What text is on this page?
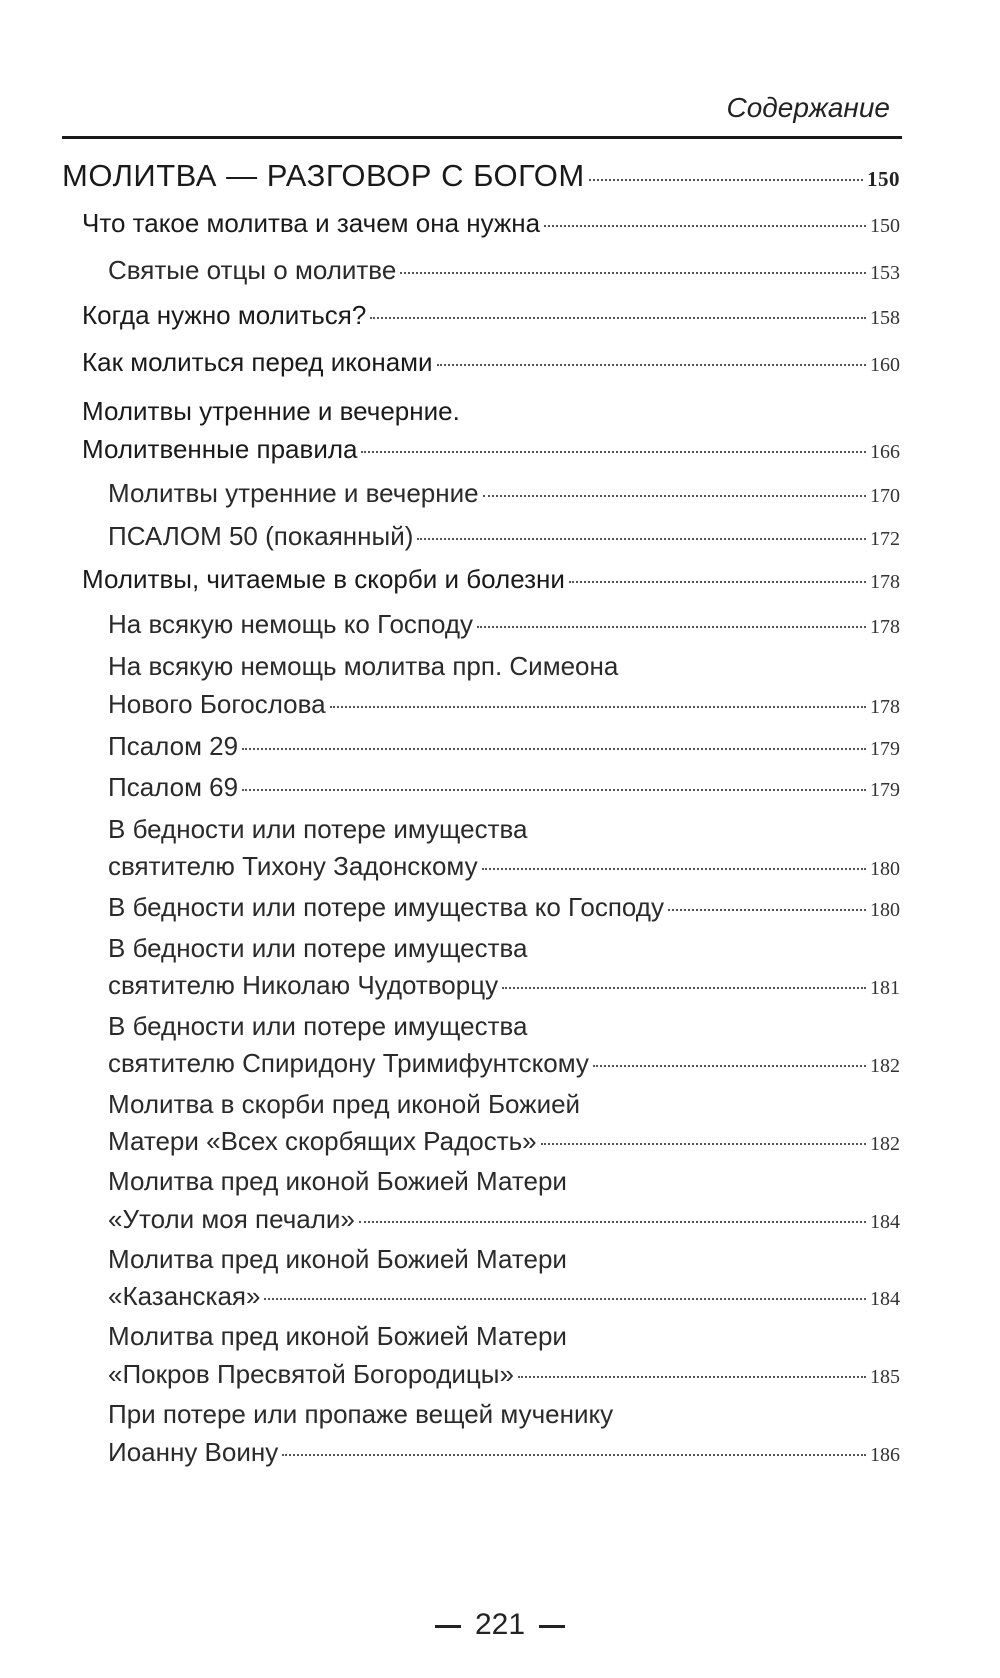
Содержание
МОЛИТВА — РАЗГОВОР С БОГОМ	150
Что такое молитва и зачем она нужна	150
Святые отцы о молитве	153
Когда нужно молиться?	158
Как молиться перед иконами	160
Молитвы утренние и вечерние.
Молитвенные правила	166
Молитвы утренние и вечерние	170
ПСАЛОМ 50 (покаянный)	172
Молитвы, читаемые в скорби и болезни	178
На всякую немощь ко Господу	178
На всякую немощь молитва прп. Симеона
Нового Богослова	178
Псалом 29	179
Псалом 69	179
В бедности или потере имущества
святителю Тихону Задонскому	180
В бедности или потере имущества ко Господу	180
В бедности или потере имущества
святителю Николаю Чудотворцу	181
В бедности или потере имущества
святителю Спиридону Тримифунтскому	182
Молитва в скорби пред иконой Божией
Матери «Всех скорбящих Радость»	182
Молитва пред иконой Божией Матери
«Утоли моя печали»	184
Молитва пред иконой Божией Матери
«Казанская»	184
Молитва пред иконой Божией Матери
«Покров Пресвятой Богородицы»	185
При потере или пропаже вещей мученику
Иоанну Воину	186
221
